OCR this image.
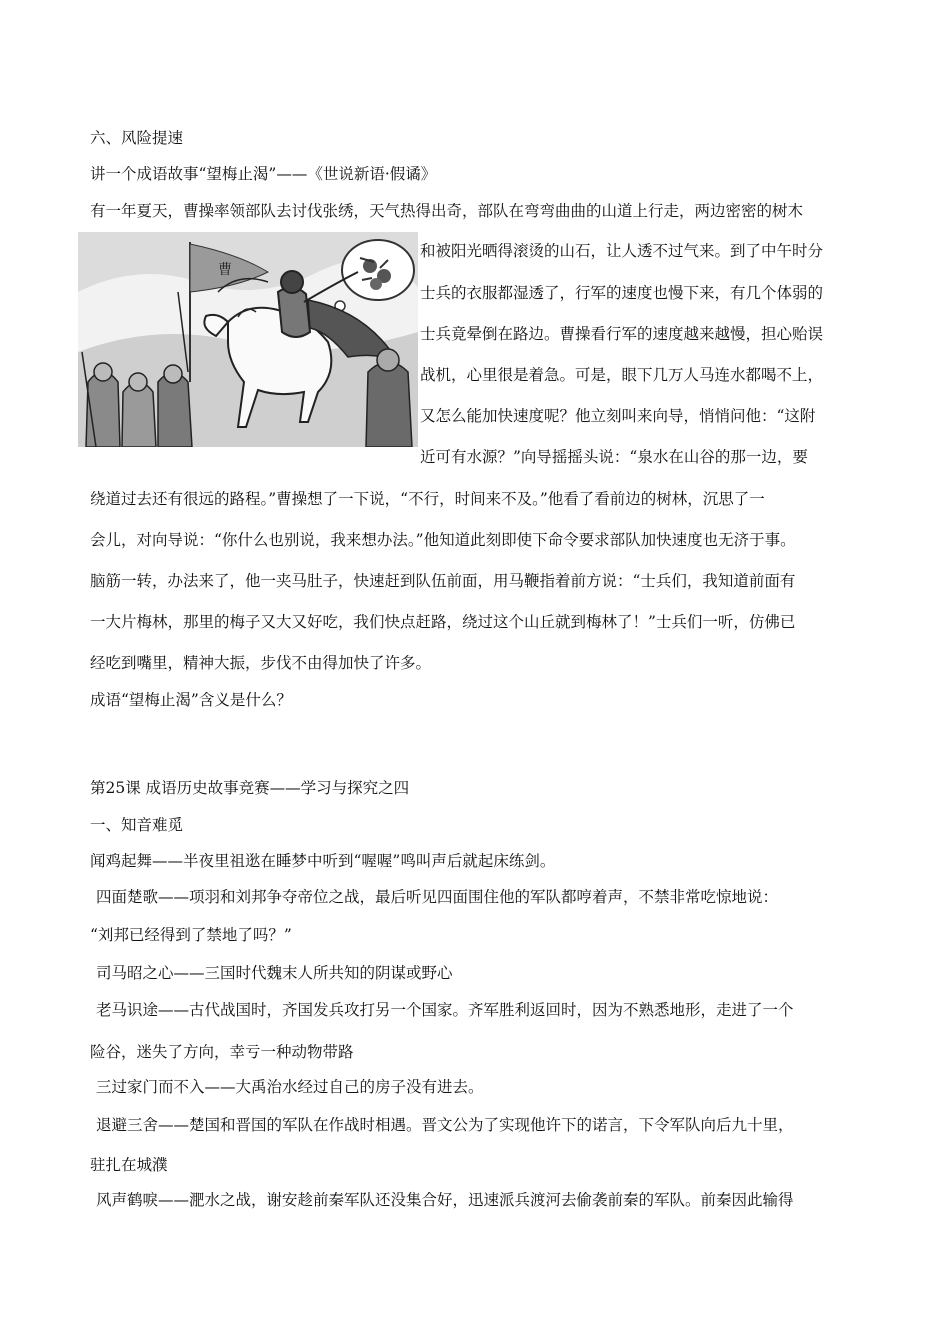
六、风险提速
讲一个成语故事“望梅止渴”——《世说新语·假谲》
有一年夏天，曹操率领部队去讨伐张绣，天气热得出奇，部队在弯弯曲曲的山道上行走，两边密密的树木
和被阳光晒得滚烫的山石，让人透不过气来。到了中午时分
士兵的衣服都湿透了，行军的速度也慢下来，有几个体弱的
士兵竟晕倒在路边。曹操看行军的速度越来越慢，担心贻误
战机，心里很是着急。可是，眼下几万人马连水都喝不上，
又怎么能加快速度呢？他立刻叫来向导，悄悄问他：“这附
近可有水源？”向导摇摇头说：“泉水在山谷的那一边，要
绕道过去还有很远的路程。”曹操想了一下说，“不行，时间来不及。”他看了看前边的树林，沉思了一
会儿，对向导说：“你什么也别说，我来想办法。”他知道此刻即使下命令要求部队加快速度也无济于事。
脑筋一转，办法来了，他一夹马肚子，快速赶到队伍前面，用马鞭指着前方说：“士兵们，我知道前面有
一大片梅林，那里的梅子又大又好吃，我们快点赶路，绕过这个山丘就到梅林了！”士兵们一听，仿佛已
经吃到嘴里，精神大振，步伐不由得加快了许多。
成语“望梅止渴”含义是什么？
曹
第25课 成语历史故事竞赛——学习与探究之四
一、知音难觅
闻鸡起舞——半夜里祖逖在睡梦中听到“喔喔”鸣叫声后就起床练剑。
四面楚歌——项羽和刘邦争夺帝位之战，最后听见四面围住他的军队都哼着声，不禁非常吃惊地说：
“刘邦已经得到了禁地了吗？”
司马昭之心——三国时代魏末人所共知的阴谋或野心
老马识途——古代战国时，齐国发兵攻打另一个国家。齐军胜利返回时，因为不熟悉地形，走进了一个
险谷，迷失了方向，幸亏一种动物带路
三过家门而不入——大禹治水经过自己的房子没有进去。
退避三舍——楚国和晋国的军队在作战时相遇。晋文公为了实现他许下的诺言，下令军队向后九十里，
驻扎在城濮
风声鹤唳——淝水之战，谢安趁前秦军队还没集合好，迅速派兵渡河去偷袭前秦的军队。前秦因此输得
